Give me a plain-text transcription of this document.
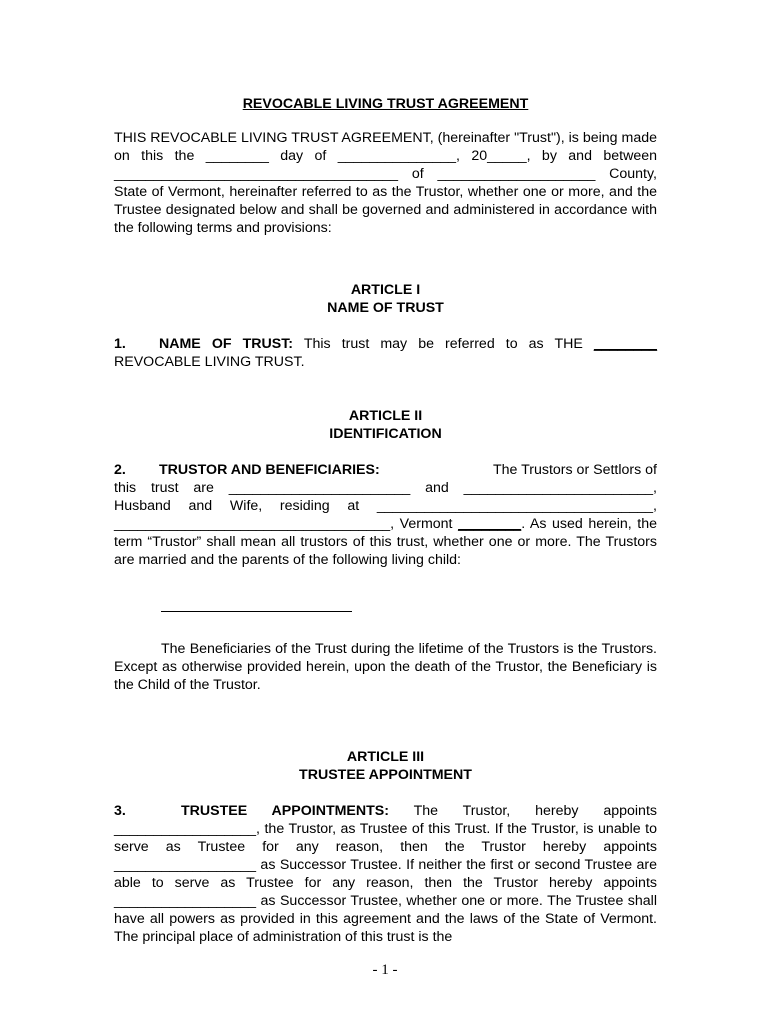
REVOCABLE LIVING TRUST AGREEMENT

THIS REVOCABLE LIVING TRUST AGREEMENT, (hereinafter "Trust"), is being made on this the ________ day of _______________, 20_____, by and between ____________________________________ of ____________________ County, State of Vermont, hereinafter referred to as the Trustor, whether one or more, and the Trustee designated below and shall be governed and administered in accordance with the following terms and provisions:

ARTICLE I

NAME OF TRUST

1. NAME OF TRUST: This trust may be referred to as THE ________ REVOCABLE LIVING TRUST.

ARTICLE II

IDENTIFICATION

2. TRUSTOR AND BENEFICIARIES:	The Trustors or Settlors of

this trust are _______________________ and ________________________, Husband and Wife, residing at ___________________________________, ___________________________________, Vermont ________. As used herein, the term “Trustor” shall mean all trustors of this trust, whether one or more. The Trustors are married and the parents of the following living child:

The Beneficiaries of the Trust during the lifetime of the Trustors is the Trustors. Except as otherwise provided herein, upon the death of the Trustor, the Beneficiary is the Child of the Trustor.

ARTICLE III

TRUSTEE APPOINTMENT

3.	TRUSTEE APPOINTMENTS: The Trustor, hereby appoints __________________, the Trustor, as Trustee of this Trust. If the Trustor, is unable to serve as Trustee for any reason, then the Trustor hereby appoints __________________ as Successor Trustee. If neither the first or second Trustee are able to serve as Trustee for any reason, then the Trustor hereby appoints __________________ as Successor Trustee, whether one or more. The Trustee shall have all powers as provided in this agreement and the laws of the State of Vermont. The principal place of administration of this trust is the

- 1 -
